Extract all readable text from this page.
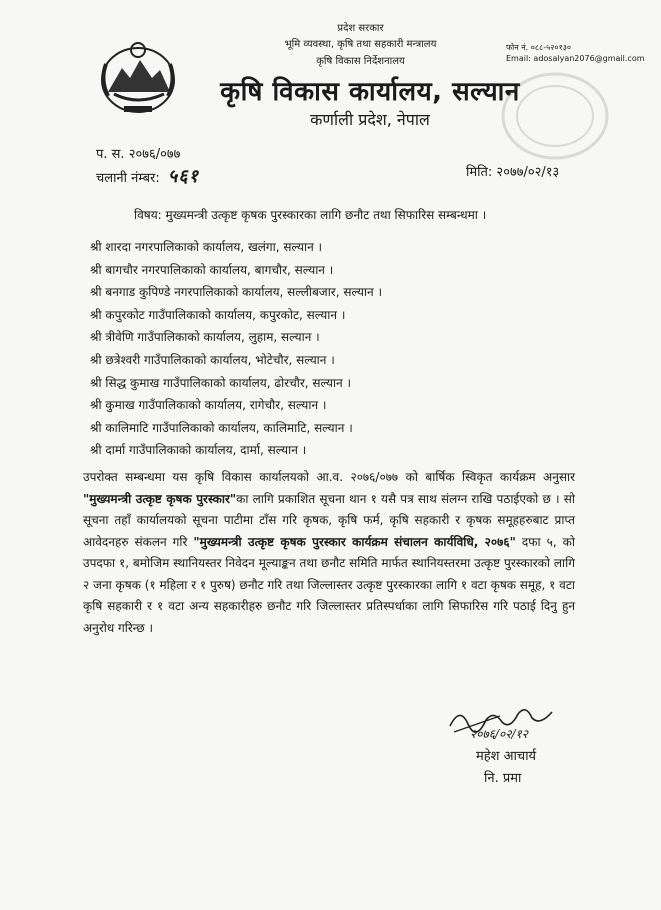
प्रदेश सरकार
भूमि व्यवस्था, कृषि तथा सहकारी मन्त्रालय
कृषि विकास निर्देशनालय
कृषि विकास कार्यालय, सल्यान
कर्णाली प्रदेश, नेपाल
फोन नं. ०८८-५२०१३०
Email: adosalyan2076@gmail.com
प. स. २०७६/०७७
चलानी नंम्बर: ५६१	मिति: २०७७/०२/१३
विषय: मुख्यमन्त्री उत्कृष्ट कृषक पुरस्कारका लागि छनौट तथा सिफारिस सम्बन्धमा ।
श्री शारदा नगरपालिकाको कार्यालय, खलंगा, सल्यान ।
श्री बागचौर नगरपालिकाको कार्यालय, बागचौर, सल्यान ।
श्री बनगाड कुपिण्डे नगरपालिकाको कार्यालय, सल्लीबजार, सल्यान ।
श्री कपुरकोट गाउँपालिकाको कार्यालय, कपुरकोट, सल्यान ।
श्री त्रीवेणि गाउँपालिकाको कार्यालय, लुहाम, सल्यान ।
श्री छत्रेश्वरी गाउँपालिकाको कार्यालय, भोटेचौर, सल्यान ।
श्री सिद्ध कुमाख गाउँपालिकाको कार्यालय, ढोरचौर, सल्यान ।
श्री कुमाख गाउँपालिकाको कार्यालय, रागेचौर, सल्यान ।
श्री कालिमाटि गाउँपालिकाको कार्यालय, कालिमाटि, सल्यान ।
श्री दार्मा गाउँपालिकाको कार्यालय, दार्मा, सल्यान ।
उपरोक्त सम्बन्धमा यस कृषि विकास कार्यालयको आ.व. २०७६/०७७ को बार्षिक स्विकृत कार्यक्रम अनुसार "मुख्यमन्त्री उत्कृष्ट कृषक पुरस्कार"का लागि प्रकाशित सूचना थान १ यसै पत्र साथ संलग्न राखि पठाईएको छ । सो सूचना तहाँ कार्यालयको सूचना पाटीमा टाँस गरि कृषक, कृषि फर्म, कृषि सहकारी र कृषक समूहहरुबाट प्राप्त आवेदनहरु संकलन गरि "मुख्यमन्त्री उत्कृष्ट कृषक पुरस्कार कार्यक्रम संचालन कार्यविधि, २०७६" दफा ५, को उपदफा १, बमोजिम स्थानियस्तर निवेदन मूल्याङ्कन तथा छनौट समिति मार्फत स्थानियस्तरमा उत्कृष्ट पुरस्कारको लागि २ जना कृषक (१ महिला र १ पुरुष) छनौट गरि तथा जिल्लास्तर उत्कृष्ट पुरस्कारका लागि १ वटा कृषक समूह, १ वटा कृषि सहकारी र १ वटा अन्य सहकारीहरु छनौट गरि जिल्लास्तर प्रतिस्पर्धाका लागि सिफारिस गरि पठाई दिनु हुन अनुरोध गरिन्छ ।
२०७६/०२/१२
महेश आचार्य
नि. प्रमा
